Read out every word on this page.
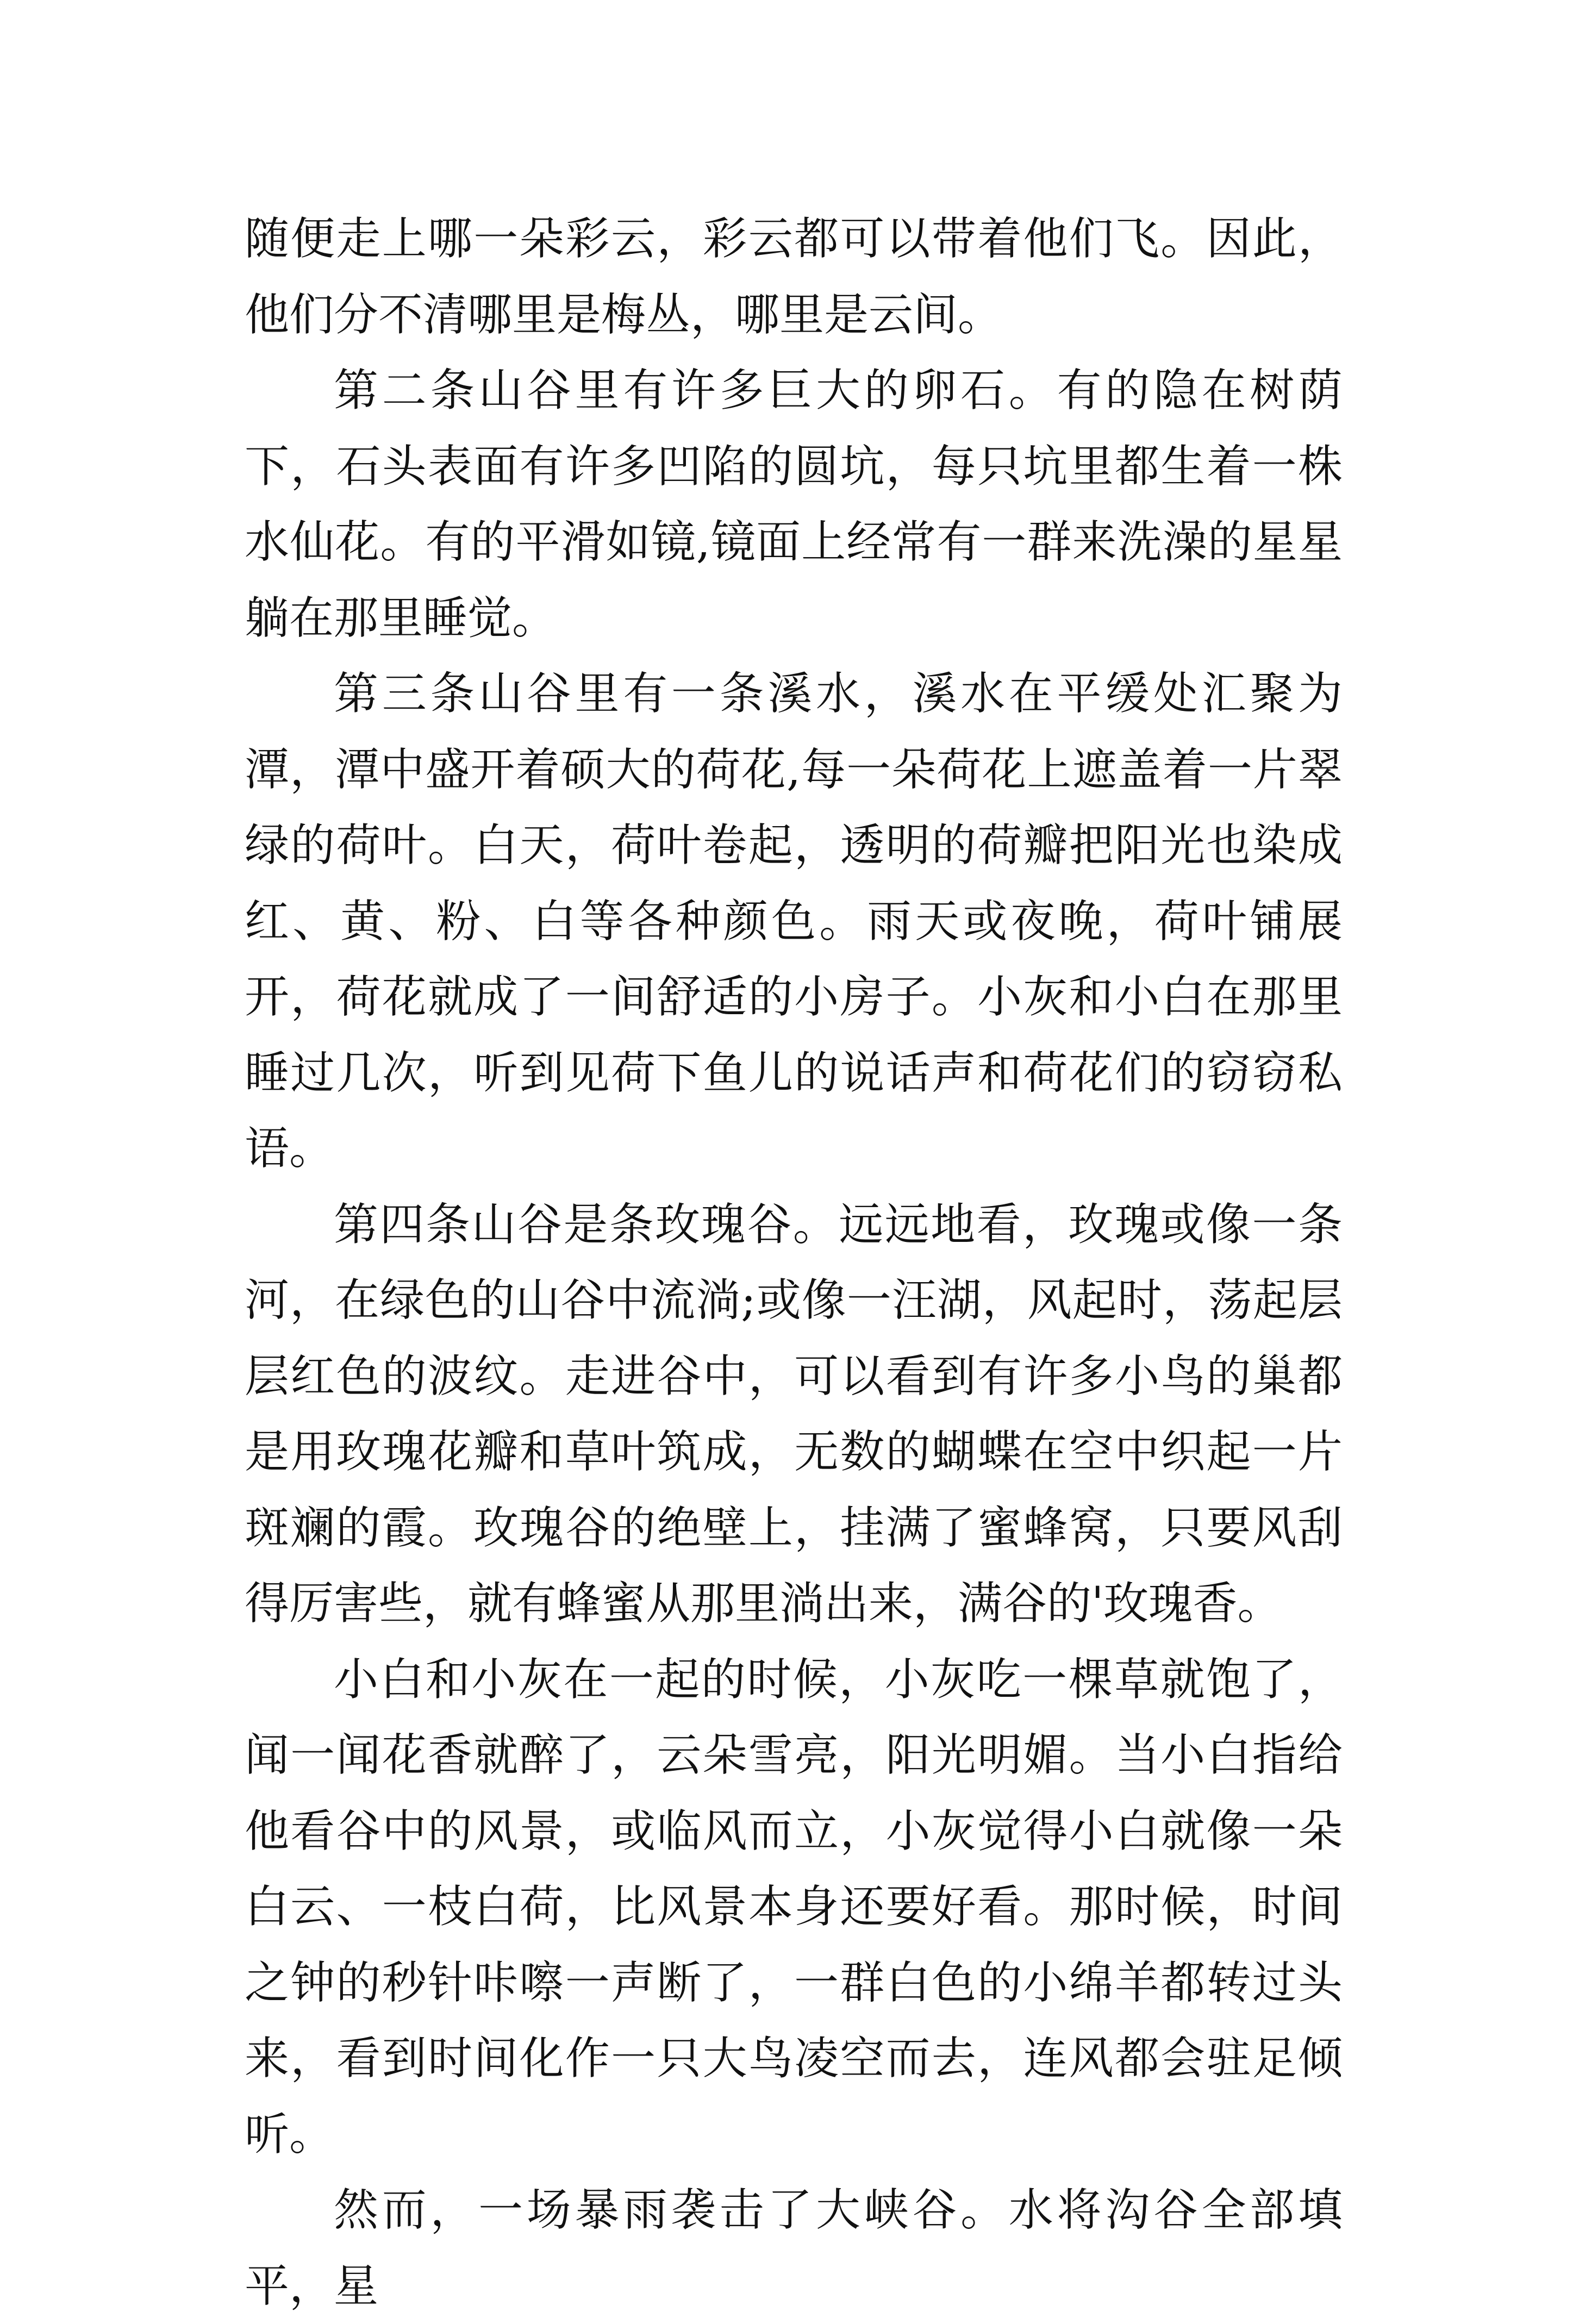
随便走上哪一朵彩云，彩云都可以带着他们飞。因此，他们分不清哪里是梅丛，哪里是云间。

第二条山谷里有许多巨大的卵石。有的隐在树荫下，石头表面有许多凹陷的圆坑，每只坑里都生着一株水仙花。有的平滑如镜,镜面上经常有一群来洗澡的星星躺在那里睡觉。

第三条山谷里有一条溪水，溪水在平缓处汇聚为潭，潭中盛开着硕大的荷花,每一朵荷花上遮盖着一片翠绿的荷叶。白天，荷叶卷起，透明的荷瓣把阳光也染成红、黄、粉、白等各种颜色。雨天或夜晚，荷叶铺展开，荷花就成了一间舒适的小房子。小灰和小白在那里睡过几次，听到见荷下鱼儿的说话声和荷花们的窃窃私语。

第四条山谷是条玫瑰谷。远远地看，玫瑰或像一条河，在绿色的山谷中流淌;或像一汪湖，风起时，荡起层层红色的波纹。走进谷中，可以看到有许多小鸟的巢都是用玫瑰花瓣和草叶筑成，无数的蝴蝶在空中织起一片斑斓的霞。玫瑰谷的绝壁上，挂满了蜜蜂窝，只要风刮得厉害些，就有蜂蜜从那里淌出来，满谷的'玫瑰香。

小白和小灰在一起的时候，小灰吃一棵草就饱了，闻一闻花香就醉了，云朵雪亮，阳光明媚。当小白指给他看谷中的风景，或临风而立，小灰觉得小白就像一朵白云、一枝白荷，比风景本身还要好看。那时候，时间之钟的秒针咔嚓一声断了，一群白色的小绵羊都转过头来，看到时间化作一只大鸟凌空而去，连风都会驻足倾听。

然而，一场暴雨袭击了大峡谷。水将沟谷全部填平，星
